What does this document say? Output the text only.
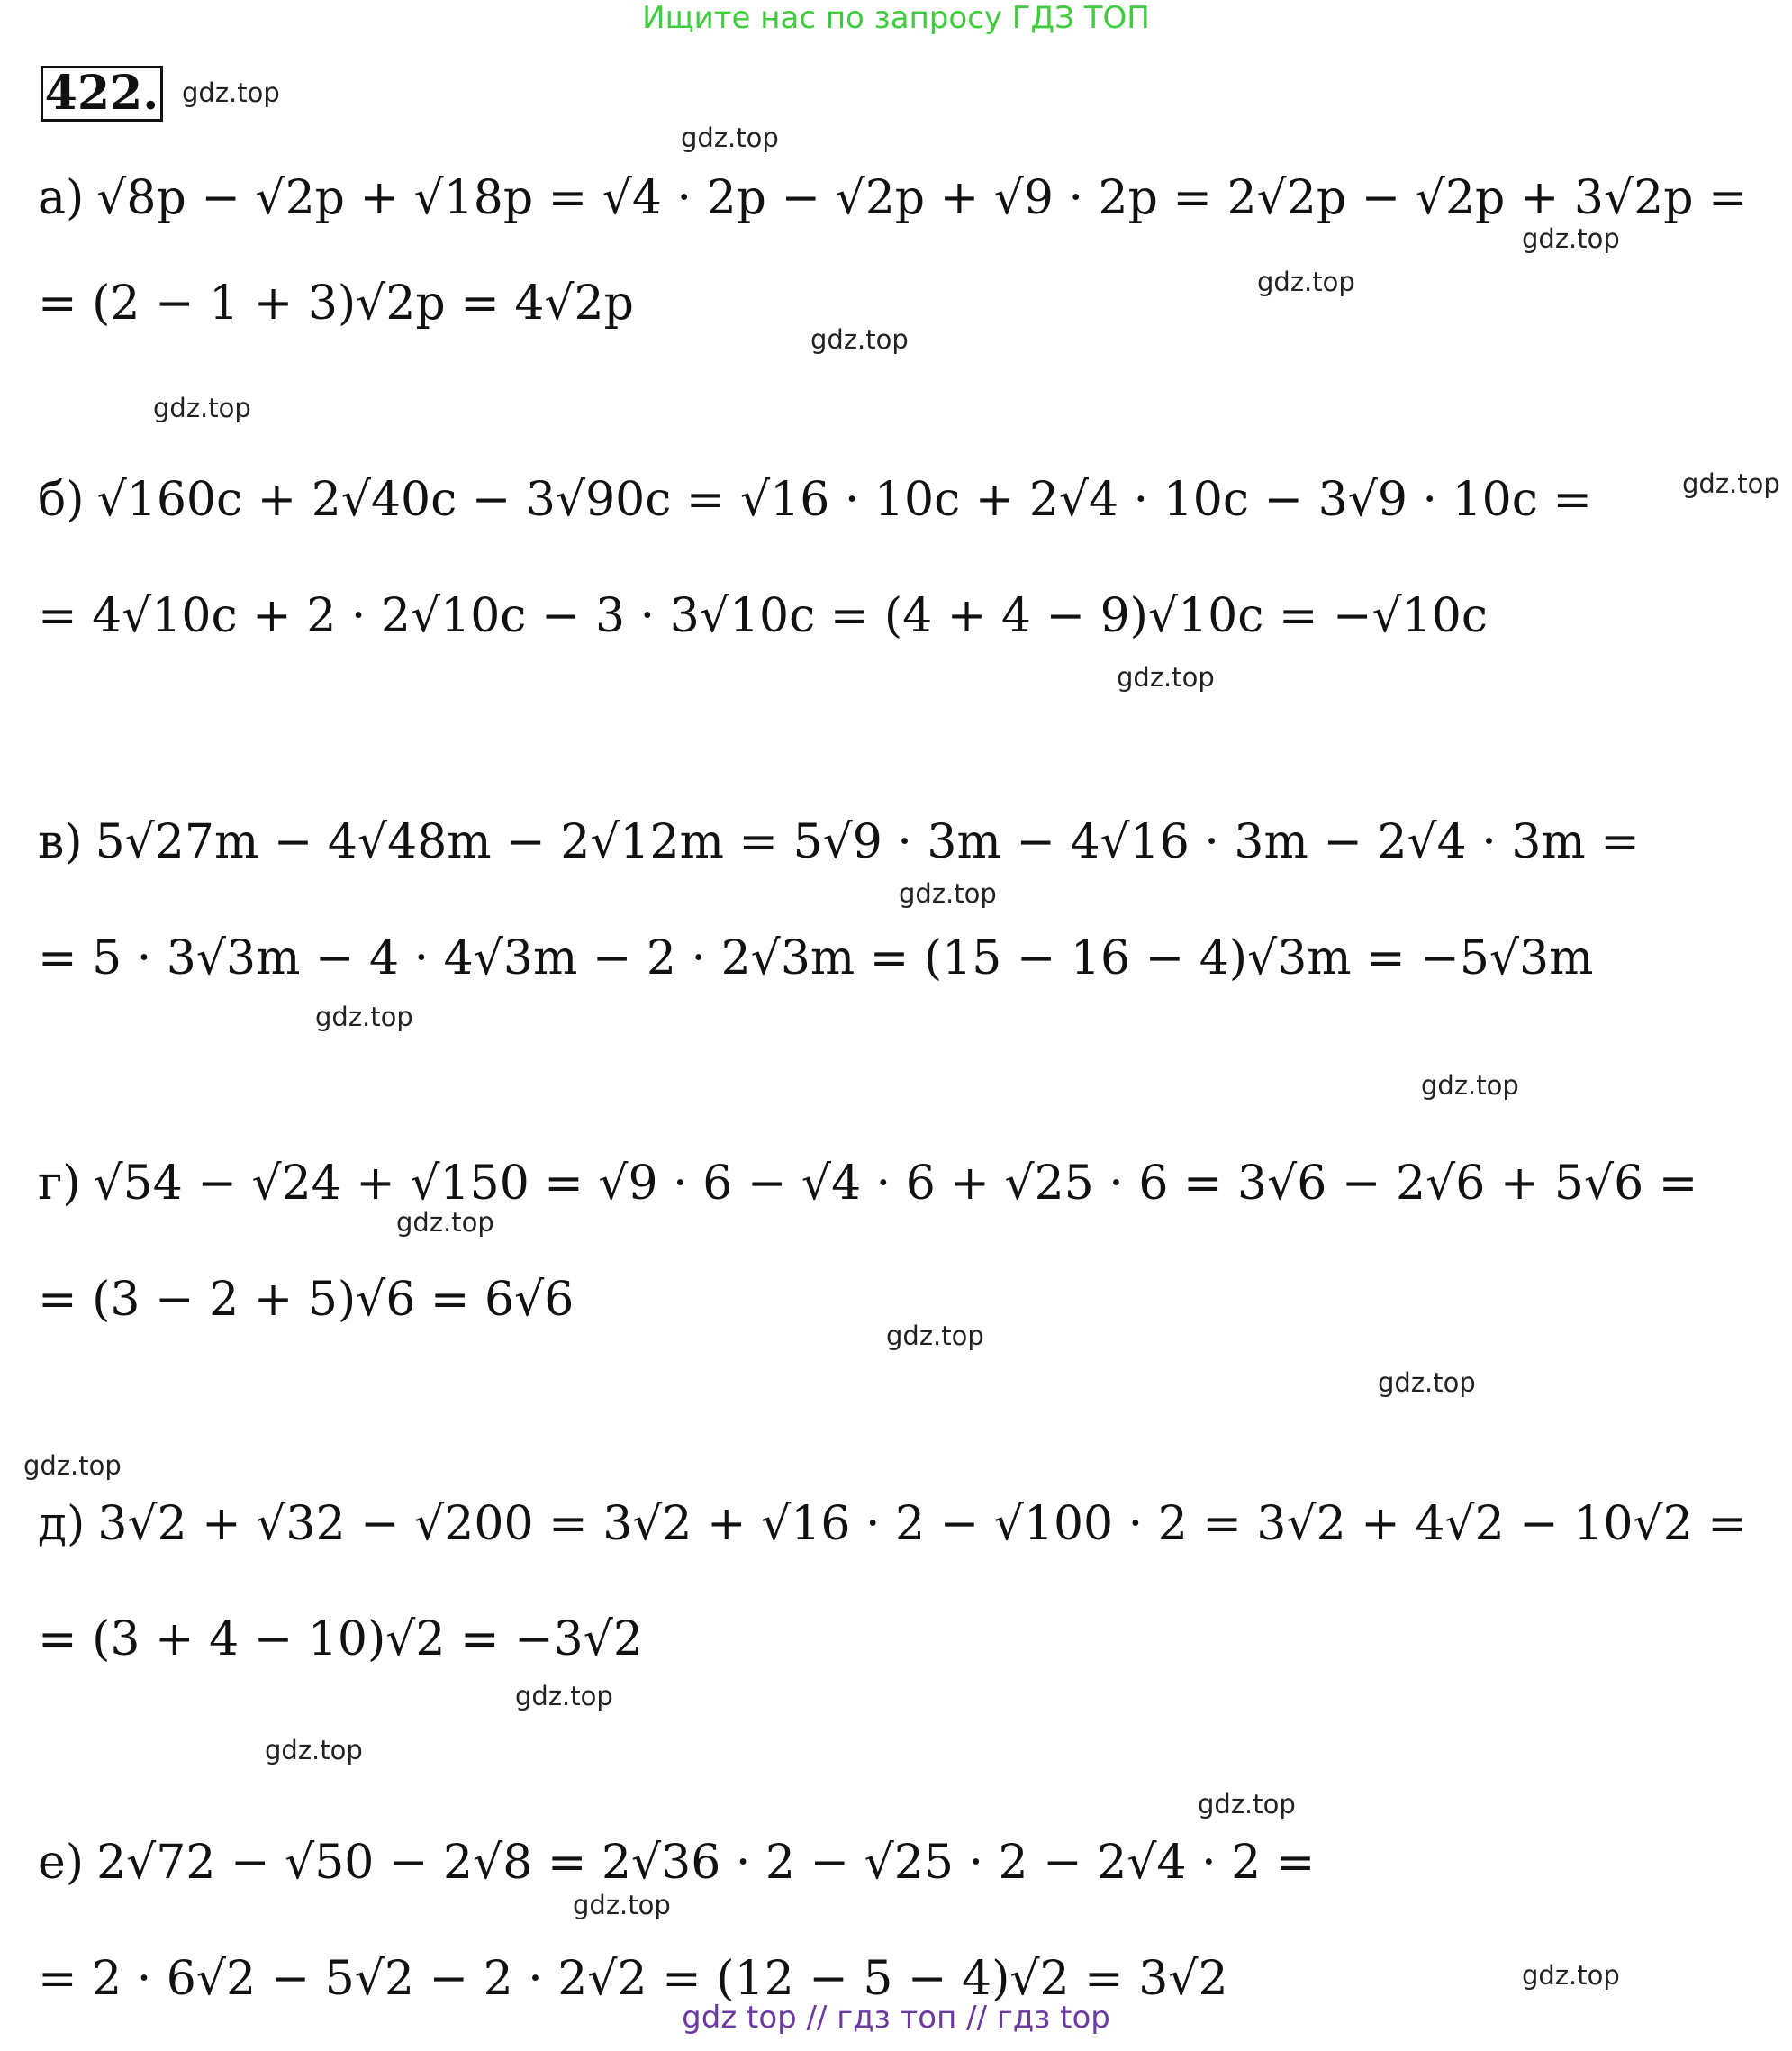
Ищите нас по запросу ГДЗ ТОП
422.
а) √8p − √2p + √18p = √4 · 2p − √2p + √9 · 2p = 2√2p − √2p + 3√2p =
= (2 − 1 + 3)√2p = 4√2p
б) √160c + 2√40c − 3√90c = √16 · 10c + 2√4 · 10c − 3√9 · 10c =
= 4√10c + 2 · 2√10c − 3 · 3√10c = (4 + 4 − 9)√10c = −√10c
в) 5√27m − 4√48m − 2√12m = 5√9 · 3m − 4√16 · 3m − 2√4 · 3m =
= 5 · 3√3m − 4 · 4√3m − 2 · 2√3m = (15 − 16 − 4)√3m = −5√3m
г) √54 − √24 + √150 = √9 · 6 − √4 · 6 + √25 · 6 = 3√6 − 2√6 + 5√6 =
= (3 − 2 + 5)√6 = 6√6
д) 3√2 + √32 − √200 = 3√2 + √16 · 2 − √100 · 2 = 3√2 + 4√2 − 10√2 =
= (3 + 4 − 10)√2 = −3√2
е) 2√72 − √50 − 2√8 = 2√36 · 2 − √25 · 2 − 2√4 · 2 =
= 2 · 6√2 − 5√2 − 2 · 2√2 = (12 − 5 − 4)√2 = 3√2
gdz.top
gdz.top
gdz.top
gdz.top
gdz.top
gdz.top
gdz.top
gdz.top
gdz.top
gdz.top
gdz.top
gdz.top
gdz.top
gdz.top
gdz.top
gdz.top
gdz.top
gdz.top
gdz.top
gdz.top
gdz top // гдз топ // гдз top
